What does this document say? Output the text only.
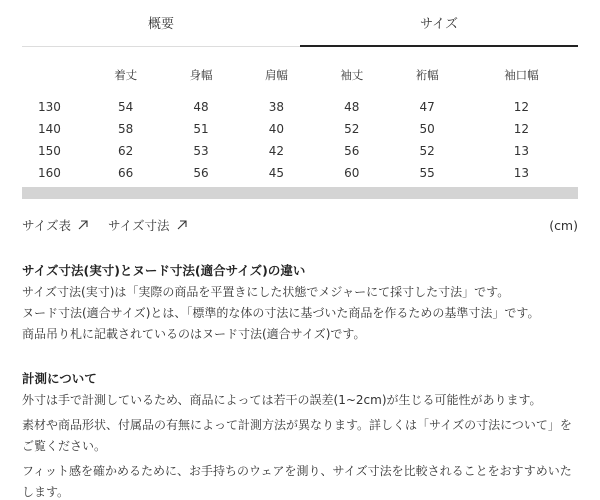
概要	サイズ
	着丈	身幅	肩幅	袖丈	裄幅	袖口幅
130	54	48	38	48	47	12
140	58	51	40	52	50	12
150	62	53	42	56	52	13
160	66	56	45	60	55	13
サイズ表	サイズ寸法	(cm)
サイズ寸法(実寸)とヌード寸法(適合サイズ)の違い

サイズ寸法(実寸)は「実際の商品を平置きにした状態でメジャーにて採寸した寸法」です。

ヌード寸法(適合サイズ)とは、「標準的な体の寸法に基づいた商品を作るための基準寸法」です。

商品吊り札に記載されているのはヌード寸法(適合サイズ)です。

計測について

外寸は手で計測しているため、商品によっては若干の誤差(1~2cm)が生じる可能性があります。

素材や商品形状、付属品の有無によって計測方法が異なります。詳しくは「サイズの寸法について」をご覧ください。

フィット感を確かめるために、お手持ちのウェアを測り、サイズ寸法を比較されることをおすすめいたします。
